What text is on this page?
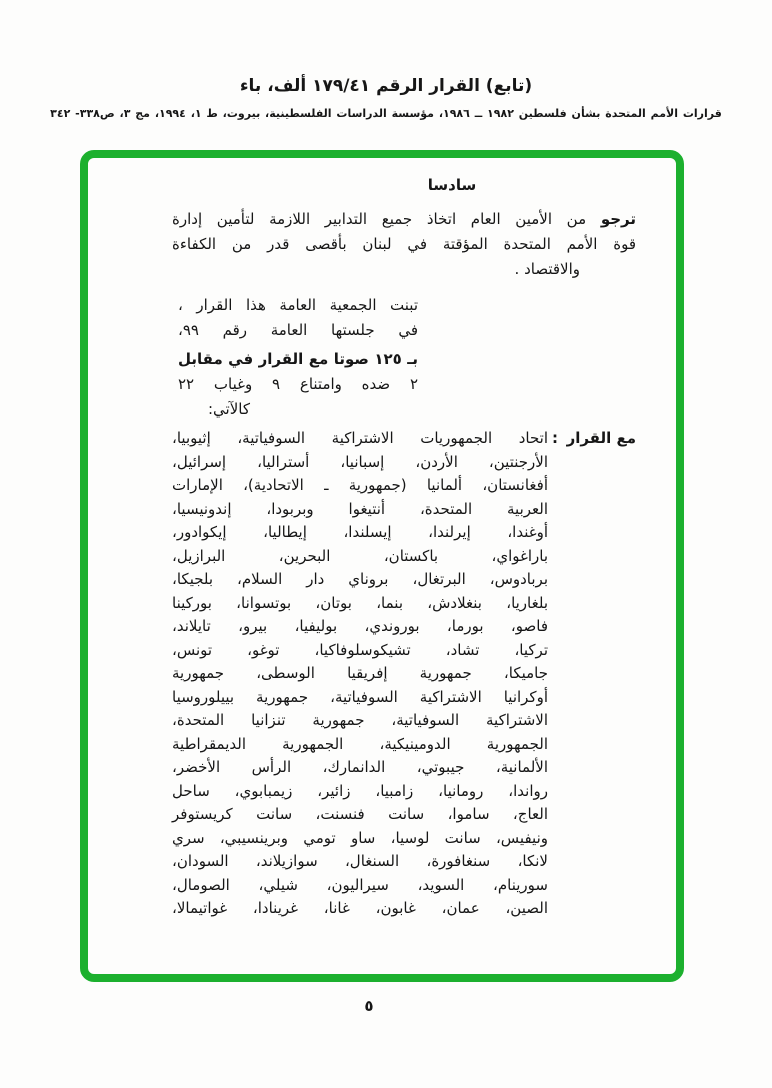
(تابع) القرار الرقم ١٧٩/٤١ ألف، باء
قرارات الأمم المتحدة بشأن فلسطين ١٩٨٢ ــ ١٩٨٦، مؤسسة الدراسات الفلسطينية، بيروت، ط ١، ١٩٩٤، مج ٣، ص٣٣٨- ٣٤٢
سادسا
ترجو من الأمين العام اتخاذ جميع التدابير اللازمة لتأمين إدارة
قوة الأمم المتحدة المؤقتة في لبنان بأقصى قدر من الكفاءة
والاقتصاد .
تبنت الجمعية العامة هذا القرار ،
في جلستها العامة رقم ٩٩،
بـ ١٢٥ صوتا مع القرار في مقابل
٢ ضده وامتناع ٩ وغياب ٢٢
كالآتي:
مع القرار
:
اتحاد الجمهوريات الاشتراكية السوفياتية، إثيوبيا،
الأرجنتين، الأردن، إسبانيا، أستراليا، إسرائيل،
أفغانستان، ألمانيا (جمهورية ـ الاتحادية)، الإمارات
العربية المتحدة، أنتيغوا وبربودا، إندونيسيا،
أوغندا، إيرلندا، إيسلندا، إيطاليا، إيكوادور،
باراغواي، باكستان، البحرين، البرازيل،
بربادوس، البرتغال، بروناي دار السلام، بلجيكا،
بلغاريا، بنغلادش، بنما، بوتان، بوتسوانا، بوركينا
فاصو، بورما، بوروندي، بوليفيا، بيرو، تايلاند،
تركيا، تشاد، تشيكوسلوفاكيا، توغو، تونس،
جاميكا، جمهورية إفريقيا الوسطى، جمهورية
أوكرانيا الاشتراكية السوفياتية، جمهورية بييلوروسيا
الاشتراكية السوفياتية، جمهورية تنزانيا المتحدة،
الجمهورية الدومينيكية، الجمهورية الديمقراطية
الألمانية، جيبوتي، الدانمارك، الرأس الأخضر،
رواندا، رومانيا، زامبيا، زائير، زيمبابوي، ساحل
العاج، ساموا، سانت فنسنت، سانت كريستوفر
ونيفيس، سانت لوسيا، ساو تومي وبرينسيبي، سري
لانكا، سنغافورة، السنغال، سوازيلاند، السودان،
سورينام، السويد، سيراليون، شيلي، الصومال،
الصين، عمان، غابون، غانا، غرينادا، غواتيمالا،
٥
